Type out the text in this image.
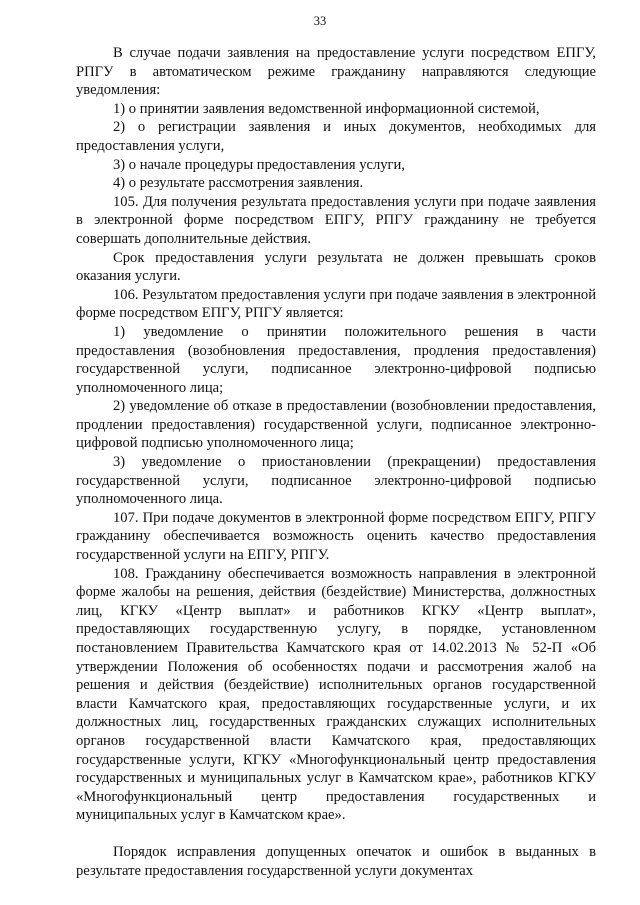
33

В случае подачи заявления на предоставление услуги посредством ЕПГУ, РПГУ в автоматическом режиме гражданину направляются следующие уведомления:

1) о принятии заявления ведомственной информационной системой,

2) о регистрации заявления и иных документов, необходимых для предоставления услуги,

3) о начале процедуры предоставления услуги,

4) о результате рассмотрения заявления.

105. Для получения результата предоставления услуги при подаче заявления в электронной форме посредством ЕПГУ, РПГУ гражданину не требуется совершать дополнительные действия.

Срок предоставления услуги результата не должен превышать сроков оказания услуги.

106. Результатом предоставления услуги при подаче заявления в электронной форме посредством ЕПГУ, РПГУ является:

1) уведомление о принятии положительного решения в части предоставления (возобновления предоставления, продления предоставления) государственной услуги, подписанное электронно-цифровой подписью уполномоченного лица;

2) уведомление об отказе в предоставлении (возобновлении предоставления, продлении предоставления) государственной услуги, подписанное электронно-цифровой подписью уполномоченного лица;

3) уведомление о приостановлении (прекращении) предоставления государственной услуги, подписанное электронно-цифровой подписью уполномоченного лица.

107. При подаче документов в электронной форме посредством ЕПГУ, РПГУ гражданину обеспечивается возможность оценить качество предоставления государственной услуги на ЕПГУ, РПГУ.

108. Гражданину обеспечивается возможность направления в электронной форме жалобы на решения, действия (бездействие) Министерства, должностных лиц, КГКУ «Центр выплат» и работников КГКУ «Центр выплат», предоставляющих государственную услугу, в порядке, установленном постановлением Правительства Камчатского края от 14.02.2013 № 52-П «Об утверждении Положения об особенностях подачи и рассмотрения жалоб на решения и действия (бездействие) исполнительных органов государственной власти Камчатского края, предоставляющих государственные услуги, и их должностных лиц, государственных гражданских служащих исполнительных органов государственной власти Камчатского края, предоставляющих государственные услуги, КГКУ «Многофункциональный центр предоставления государственных и муниципальных услуг в Камчатском крае», работников КГКУ «Многофункциональный центр предоставления государственных и муниципальных услуг в Камчатском крае».

Порядок исправления допущенных опечаток и ошибок в выданных в результате предоставления государственной услуги документах
